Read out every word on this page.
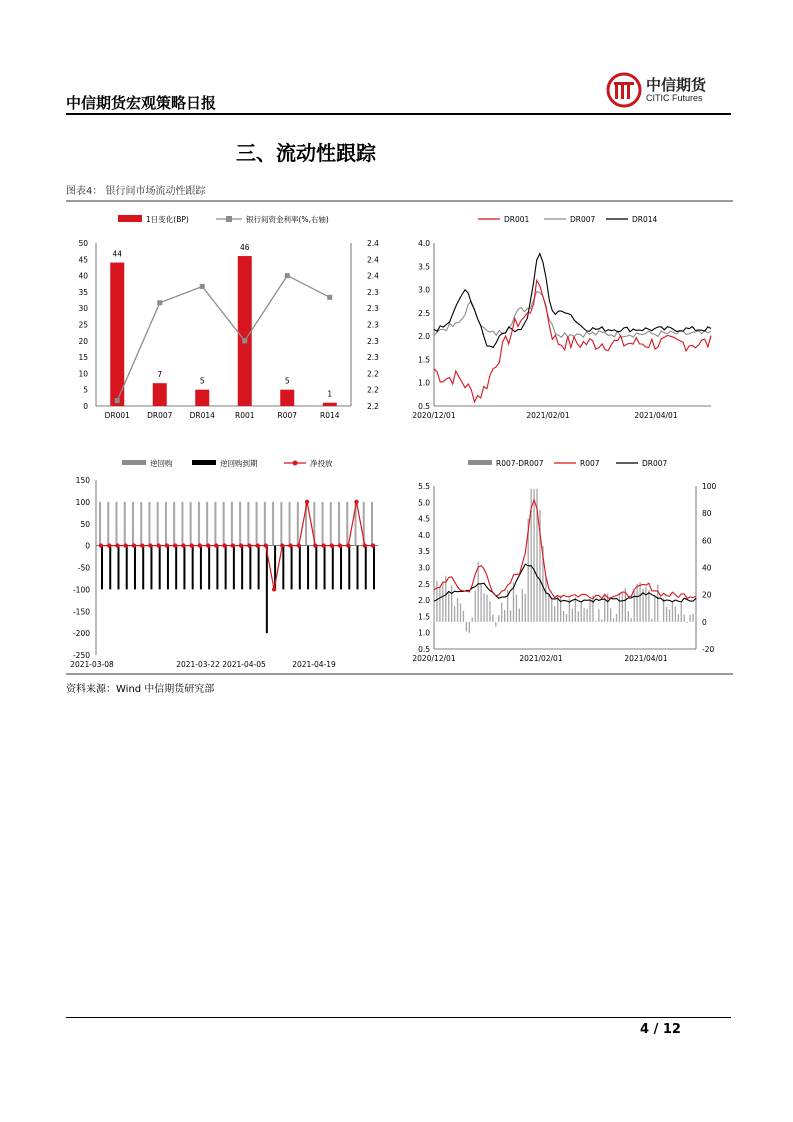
中信期货宏观策略日报
中信期货
CITIC Futures
三、流动性跟踪
图表4： 银行间市场流动性跟踪
1日变化(BP)	银行间资金利率(%,右轴)
0
5
10
15
20
25
30
35
40
45
50
2.2
2.2
2.2
2.3
2.3
2.3
2.3
2.3
2.4
2.4
2.4
DR001
44
DR007
7
DR014
5
R001
46
R007
5
R014
1
DR001	DR007	DR014
0.5
1.0
1.5
2.0
2.5
3.0
3.5
4.0
2020/12/01	2021/02/01	2021/04/01
逆回购	逆回购到期	净投放
-250
-200
-150
-100
-50
0
50
100
150
2021-03-08	2021-03-22 2021-04-05	2021-04-19
R007-DR007	R007	DR007
0.5
1.0
1.5
2.0
2.5
3.0
3.5
4.0
4.5
5.0
5.5
-20
0
20
40
60
80
100
2020/12/01	2021/02/01	2021/04/01
资料来源：Wind 中信期货研究部
4 / 12
